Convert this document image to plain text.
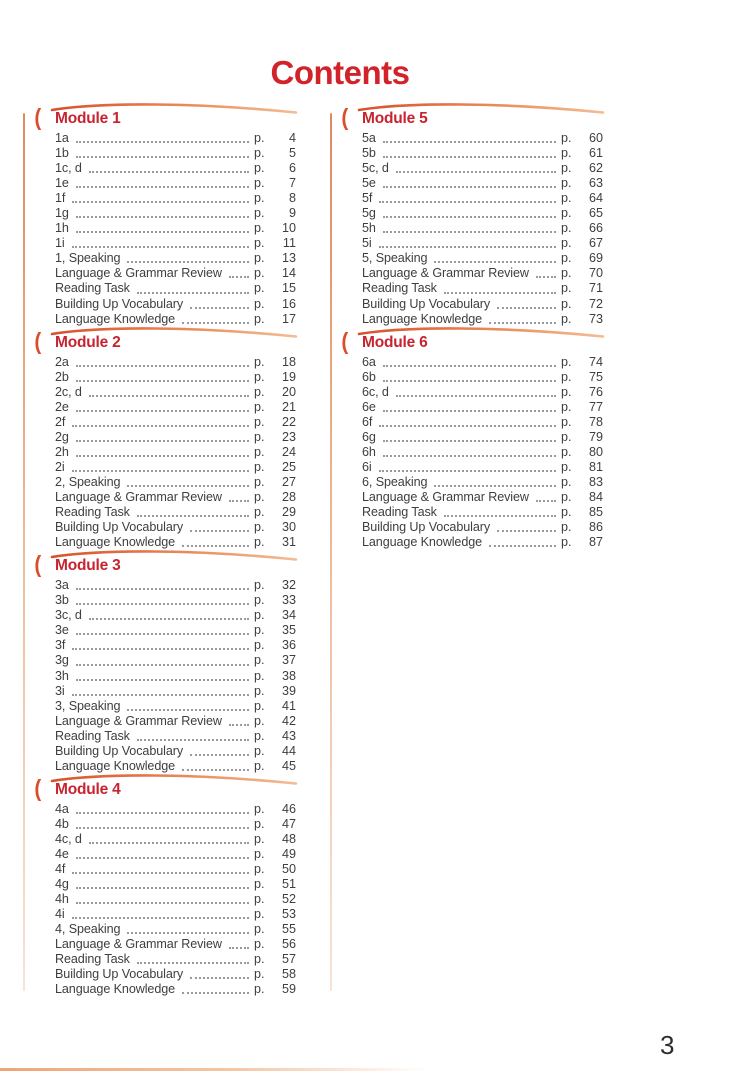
Contents
( Module 1
1a	p.	4
1b	p.	5
1c, d	p.	6
1e	p.	7
1f	p.	8
1g	p.	9
1h	p.	10
1i	p.	11
1, Speaking	p.	13
Language & Grammar Review	p.	14
Reading Task	p.	15
Building Up Vocabulary	p.	16
Language Knowledge	p.	17
( Module 2
2a	p.	18
2b	p.	19
2c, d	p.	20
2e	p.	21
2f	p.	22
2g	p.	23
2h	p.	24
2i	p.	25
2, Speaking	p.	27
Language & Grammar Review	p.	28
Reading Task	p.	29
Building Up Vocabulary	p.	30
Language Knowledge	p.	31
( Module 3
3a	p.	32
3b	p.	33
3c, d	p.	34
3e	p.	35
3f	p.	36
3g	p.	37
3h	p.	38
3i	p.	39
3, Speaking	p.	41
Language & Grammar Review	p.	42
Reading Task	p.	43
Building Up Vocabulary	p.	44
Language Knowledge	p.	45
( Module 4
4a	p.	46
4b	p.	47
4c, d	p.	48
4e	p.	49
4f	p.	50
4g	p.	51
4h	p.	52
4i	p.	53
4, Speaking	p.	55
Language & Grammar Review	p.	56
Reading Task	p.	57
Building Up Vocabulary	p.	58
Language Knowledge	p.	59
( Module 5
5a	p.	60
5b	p.	61
5c, d	p.	62
5e	p.	63
5f	p.	64
5g	p.	65
5h	p.	66
5i	p.	67
5, Speaking	p.	69
Language & Grammar Review	p.	70
Reading Task	p.	71
Building Up Vocabulary	p.	72
Language Knowledge	p.	73
( Module 6
6a	p.	74
6b	p.	75
6c, d	p.	76
6e	p.	77
6f	p.	78
6g	p.	79
6h	p.	80
6i	p.	81
6, Speaking	p.	83
Language & Grammar Review	p.	84
Reading Task	p.	85
Building Up Vocabulary	p.	86
Language Knowledge	p.	87
3
